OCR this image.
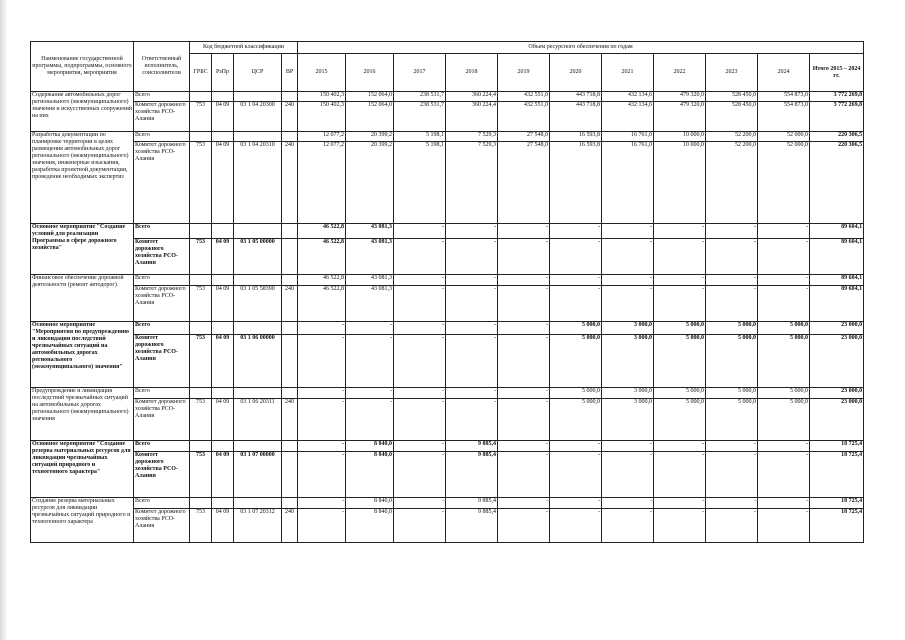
Наименование государственной программы, подпрограммы, основного мероприятия, мероприятия	Ответственный исполнитель, соисполнители	Код бюджетной классификации				Объем ресурсного обеспечения по годам										
		ГРБС	РзПр	ЦСР	ВР	2015	2016	2017	2018	2019	2020	2021	2022	2023	2024	Итого 2015 – 2024 гг.
Содержание автомобильных дорог регионального (межмуниципального) значения и искусственных сооружений на них	Всего					150 402,3	152 064,0	238 531,7	360 224,4	432 551,0	443 718,8	432 134,6	479 320,0	528 450,0	554 873,0	3 772 269,8
	Комитет дорожного хозяйства РСО-Алания	753	04 09	03 1 04 20300	240	150 402,3	152 064,0	238 531,7	360 224,4	432 551,0	443 718,8	432 134,6	479 320,0	528 450,0	554 873,0	3 772 269,8
Разработка документации по планировке территории в целях размещения автомобильных дорог регионального (межмуниципального) значения, инженерные изыскания, разработка проектной документации, проведение необходимых экспертиз	Всего					12 077,2	20 399,2	5 198,1	7 529,3	27 548,0	16 593,8	16 761,0	10 000,0	52 200,0	52 000,0	220 306,5
	Комитет дорожного хозяйства РСО-Алания	753	04 09	03 1 04 20310	240	12 077,2	20 399,2	5 198,1	7 529,3	27 548,0	16 593,8	16 761,0	10 000,0	52 200,0	52 000,0	220 306,5
Основное мероприятие "Создание условий для реализации Программы в сфере дорожного хозяйства"	Всего					46 522,8	43 081,3	-	-	-	-	-	-	-	-	89 604,1
	Комитет дорожного хозяйства РСО-Алания	753	04 09	03 1 05 00000		46 522,8	43 081,3	-	-	-	-	-	-	-	-	89 604,1
Финансовое обеспечение дорожной деятельности (ремонт автодорог)	Всего					46 522,8	43 081,3	-	-	-	-	-	-	-	-	89 604,1
	Комитет дорожного хозяйства РСО-Алания	753	04 09	03 1 05 58390	240	46 522,8	43 081,3	-	-	-	-	-	-	-	-	89 604,1
Основное мероприятие "Мероприятия по предупреждению и ликвидации последствий чрезвычайных ситуаций на автомобильных дорогах регионального (межмуниципального) значения"	Всего					-	-	-	-	-	5 000,0	3 000,0	5 000,0	5 000,0	5 000,0	23 000,0
	Комитет дорожного хозяйства РСО-Алания	753	04 09	03 1 06 00000		-	-	-	-	-	5 000,0	3 000,0	5 000,0	5 000,0	5 000,0	23 000,0
Предупреждение и ликвидация последствий чрезвычайных ситуаций на автомобильных дорогах регионального (межмуниципального) значения	Всего					-	-	-	-	-	5 000,0	3 000,0	5 000,0	5 000,0	5 000,0	23 000,0
	Комитет дорожного хозяйства РСО-Алания	753	04 09	03 1 06 20311	240	-	-	-	-	-	5 000,0	3 000,0	5 000,0	5 000,0	5 000,0	23 000,0
Основное мероприятие "Создание резерва материальных ресурсов для ликвидации чрезвычайных ситуаций природного и техногенного характера"	Всего					-	8 840,0	-	9 885,4	-	-	-	-	-	-	18 725,4
	Комитет дорожного хозяйства РСО-Алания	753	04 09	03 1 07 00000		-	8 840,0	-	9 885,4	-	-	-	-	-	-	18 725,4
Создание резерва материальных ресурсов для ликвидации чрезвычайных ситуаций природного и техногенного характера	Всего					-	8 840,0	-	9 885,4	-	-	-	-	-	-	18 725,4
	Комитет дорожного хозяйства РСО-Алания	753	04 09	03 1 07 20312	240	-	8 840,0	-	9 885,4	-	-	-	-	-	-	18 725,4
